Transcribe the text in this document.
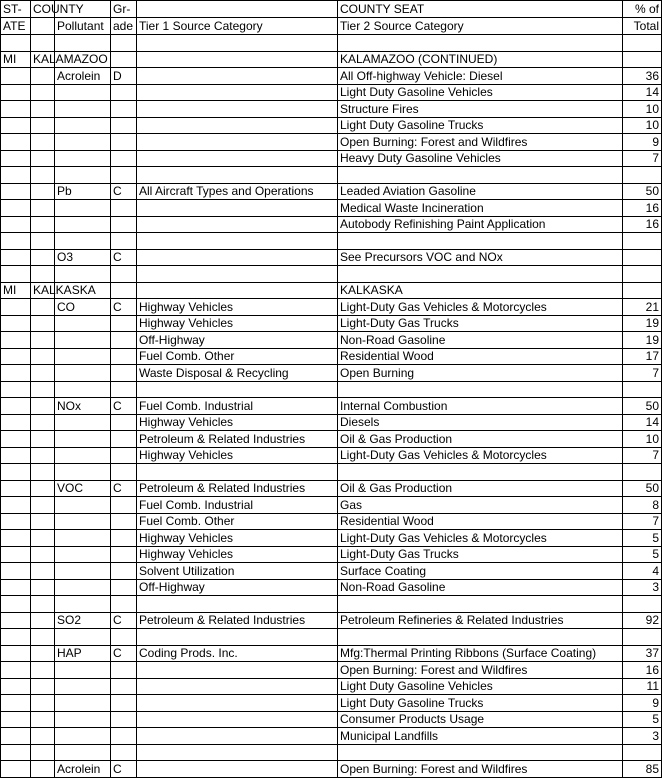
ST-	COUNTY		Gr-		COUNTY SEAT	% of
ATE		Pollutant	ade	Tier 1 Source Category	Tier 2 Source Category	Total

MI	KALAMAZOO				KALAMAZOO (CONTINUED)	
		Acrolein	D		All Off-highway Vehicle: Diesel	36
					Light Duty Gasoline Vehicles	14
					Structure Fires	10
					Light Duty Gasoline Trucks	10
					Open Burning: Forest and Wildfires	9
					Heavy Duty Gasoline Vehicles	7

		Pb	C	All Aircraft Types and Operations	Leaded Aviation Gasoline	50
					Medical Waste Incineration	16
					Autobody Refinishing Paint Application	16

		O3	C		See Precursors VOC and NOx	

MI	KALKASKA				KALKASKA	
		CO	C	Highway Vehicles	Light-Duty Gas Vehicles & Motorcycles	21
				Highway Vehicles	Light-Duty Gas Trucks	19
				Off-Highway	Non-Road Gasoline	19
				Fuel Comb. Other	Residential Wood	17
				Waste Disposal & Recycling	Open Burning	7

		NOx	C	Fuel Comb. Industrial	Internal Combustion	50
				Highway Vehicles	Diesels	14
				Petroleum & Related Industries	Oil & Gas Production	10
				Highway Vehicles	Light-Duty Gas Vehicles & Motorcycles	7

		VOC	C	Petroleum & Related Industries	Oil & Gas Production	50
				Fuel Comb. Industrial	Gas	8
				Fuel Comb. Other	Residential Wood	7
				Highway Vehicles	Light-Duty Gas Vehicles & Motorcycles	5
				Highway Vehicles	Light-Duty Gas Trucks	5
				Solvent Utilization	Surface Coating	4
				Off-Highway	Non-Road Gasoline	3

		SO2	C	Petroleum & Related Industries	Petroleum Refineries & Related Industries	92

		HAP	C	Coding Prods. Inc.	Mfg:Thermal Printing Ribbons (Surface Coating)	37
					Open Burning: Forest and Wildfires	16
					Light Duty Gasoline Vehicles	11
					Light Duty Gasoline Trucks	9
					Consumer Products Usage	5
					Municipal Landfills	3

		Acrolein	C		Open Burning: Forest and Wildfires	85
